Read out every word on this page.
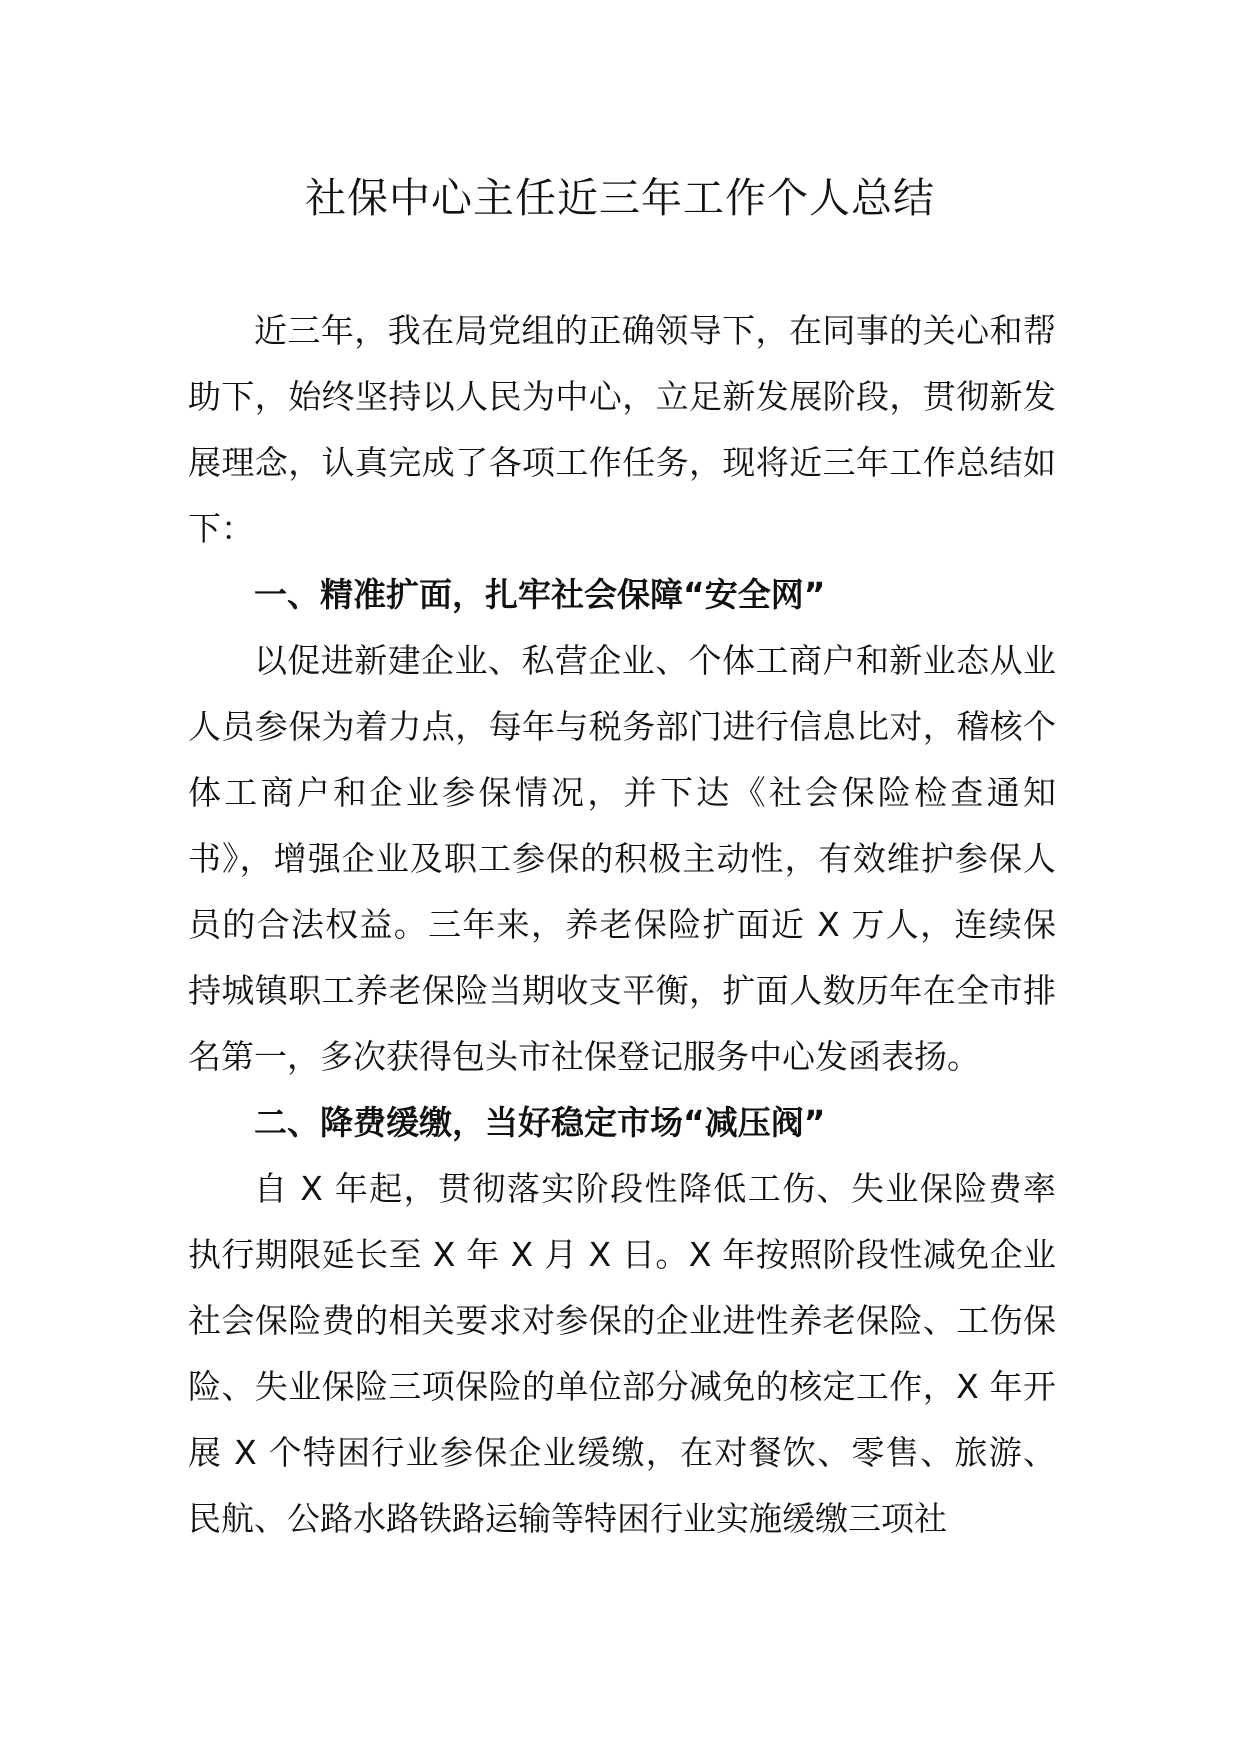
社保中心主任近三年工作个人总结

近三年，我在局党组的正确领导下，在同事的关心和帮助下，始终坚持以人民为中心，立足新发展阶段，贯彻新发展理念，认真完成了各项工作任务，现将近三年工作总结如下：

一、精准扩面，扎牢社会保障“安全网”

以促进新建企业、私营企业、个体工商户和新业态从业人员参保为着力点，每年与税务部门进行信息比对，稽核个体工商户和企业参保情况，并下达《社会保险检查通知书》，增强企业及职工参保的积极主动性，有效维护参保人员的合法权益。三年来，养老保险扩面近 X 万人，连续保持城镇职工养老保险当期收支平衡，扩面人数历年在全市排名第一，多次获得包头市社保登记服务中心发函表扬。

二、降费缓缴，当好稳定市场“减压阀”

自 X 年起，贯彻落实阶段性降低工伤、失业保险费率执行期限延长至 X 年 X 月 X 日。X 年按照阶段性减免企业社会保险费的相关要求对参保的企业进性养老保险、工伤保险、失业保险三项保险的单位部分减免的核定工作，X 年开展 X 个特困行业参保企业缓缴，在对餐饮、零售、旅游、民航、公路水路铁路运输等特困行业实施缓缴三项社
